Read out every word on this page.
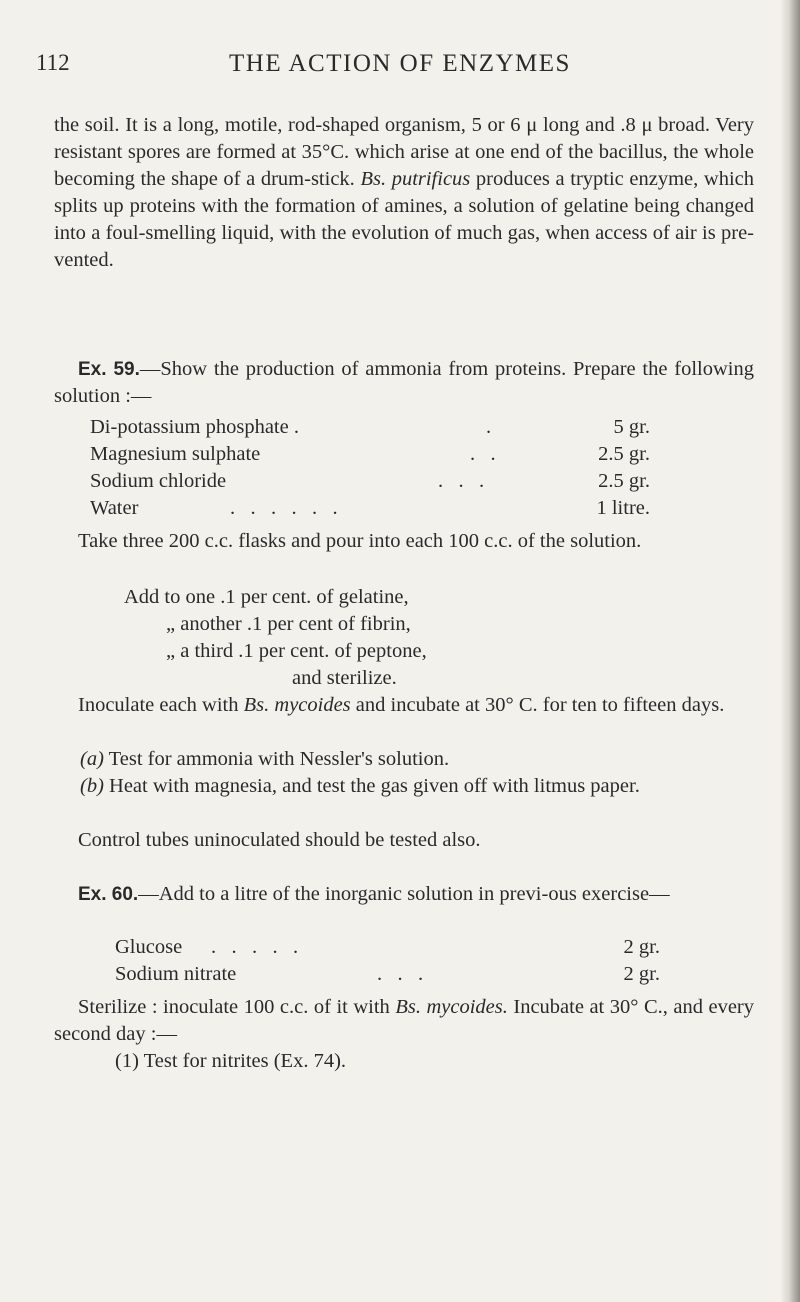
112	THE ACTION OF ENZYMES

the soil. It is a long, motile, rod-shaped organism, 5 or 6 μ long and .8 μ broad. Very resistant spores are formed at 35°C. which arise at one end of the bacillus, the whole becoming the shape of a drum-stick. Bs. putrificus produces a tryptic enzyme, which splits up proteins with the formation of amines, a solution of gelatine being changed into a foul-smelling liquid, with the evolution of much gas, when access of air is pre-vented.

Ex. 59.—Show the production of ammonia from proteins. Prepare the following solution :—

Di-potassium phosphate .	.	5 gr.
Magnesium sulphate	.   .	2.5 gr.
Sodium chloride	.   .   .	2.5 gr.
Water	.   .   .   .   .   .	1 litre.

Take three 200 c.c. flasks and pour into each 100 c.c. of the solution.

Add to one .1 per cent. of gelatine,
„ another .1 per cent of fibrin,
„ a third .1 per cent. of peptone,
and sterilize.

Inoculate each with Bs. mycoides and incubate at 30° C. for ten to fifteen days.

(a) Test for ammonia with Nessler's solution.

(b) Heat with magnesia, and test the gas given off with litmus paper.

Control tubes uninoculated should be tested also.

Ex. 60.—Add to a litre of the inorganic solution in previ-ous exercise—

Glucose .   .   .   .   .	2 gr.
Sodium nitrate	.   .   .	2 gr.

Sterilize : inoculate 100 c.c. of it with Bs. mycoides. Incubate at 30° C., and every second day :—

(1) Test for nitrites (Ex. 74).
